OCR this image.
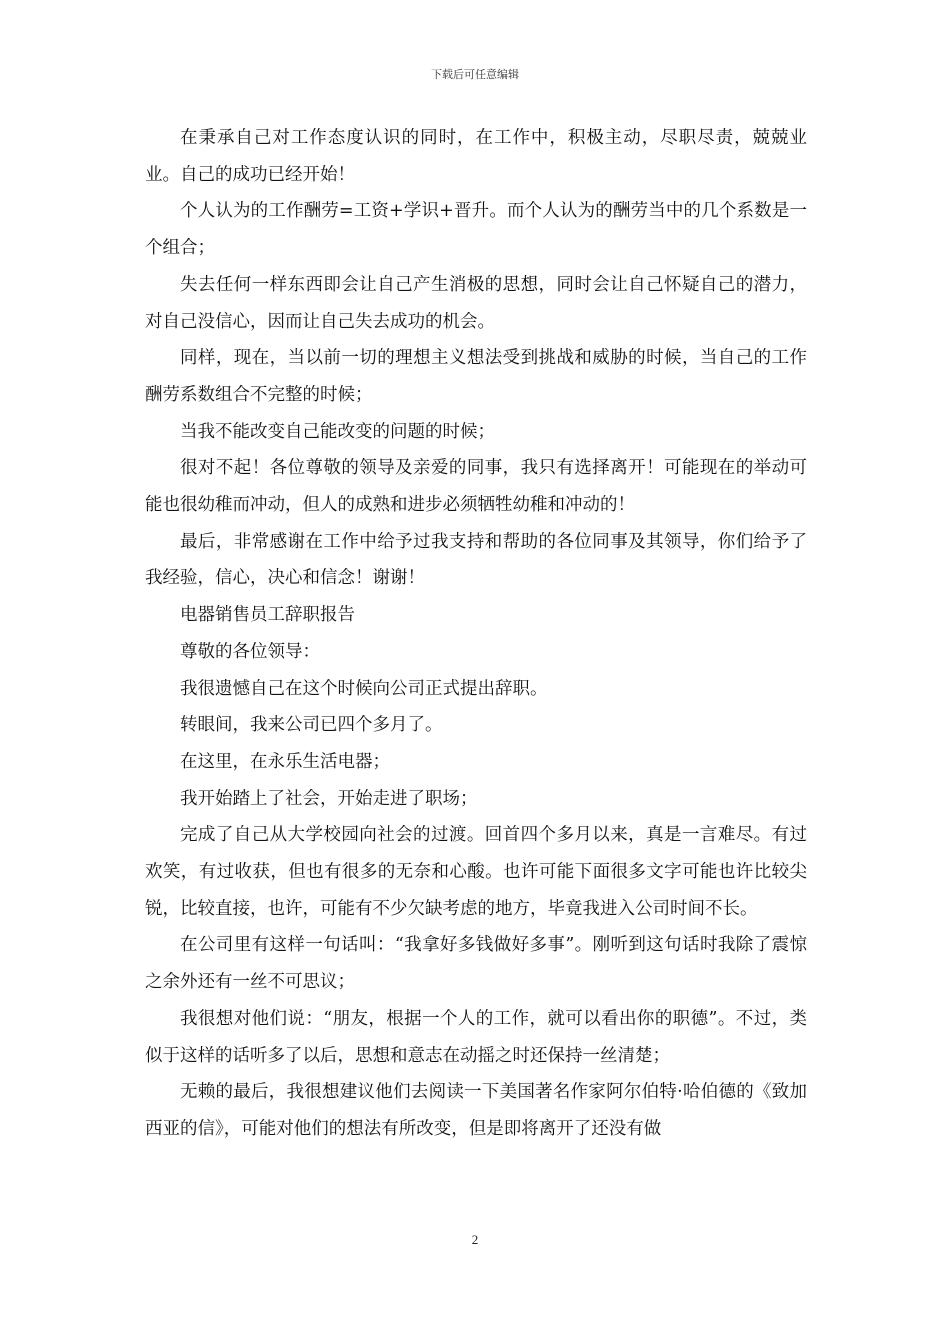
下载后可任意编辑

在秉承自己对工作态度认识的同时，在工作中，积极主动，尽职尽责，兢兢业业。自己的成功已经开始！

个人认为的工作酬劳=工资+学识+晋升。而个人认为的酬劳当中的几个系数是一个组合；

失去任何一样东西即会让自己产生消极的思想，同时会让自己怀疑自己的潜力，对自己没信心，因而让自己失去成功的机会。

同样，现在，当以前一切的理想主义想法受到挑战和威胁的时候，当自己的工作酬劳系数组合不完整的时候；

当我不能改变自己能改变的问题的时候；

很对不起！各位尊敬的领导及亲爱的同事，我只有选择离开！可能现在的举动可能也很幼稚而冲动，但人的成熟和进步必须牺牲幼稚和冲动的！

最后，非常感谢在工作中给予过我支持和帮助的各位同事及其领导，你们给予了我经验，信心，决心和信念！谢谢！

电器销售员工辞职报告

尊敬的各位领导：

我很遗憾自己在这个时候向公司正式提出辞职。

转眼间，我来公司已四个多月了。

在这里，在永乐生活电器；

我开始踏上了社会，开始走进了职场；

完成了自己从大学校园向社会的过渡。回首四个多月以来，真是一言难尽。有过欢笑，有过收获，但也有很多的无奈和心酸。也许可能下面很多文字可能也许比较尖锐，比较直接，也许，可能有不少欠缺考虑的地方，毕竟我进入公司时间不长。

在公司里有这样一句话叫：“我拿好多钱做好多事”。刚听到这句话时我除了震惊之余外还有一丝不可思议；

我很想对他们说：“朋友，根据一个人的工作，就可以看出你的职德”。不过，类似于这样的话听多了以后，思想和意志在动摇之时还保持一丝清楚；

无赖的最后，我很想建议他们去阅读一下美国著名作家阿尔伯特·哈伯德的《致加西亚的信》，可能对他们的想法有所改变，但是即将离开了还没有做

2
